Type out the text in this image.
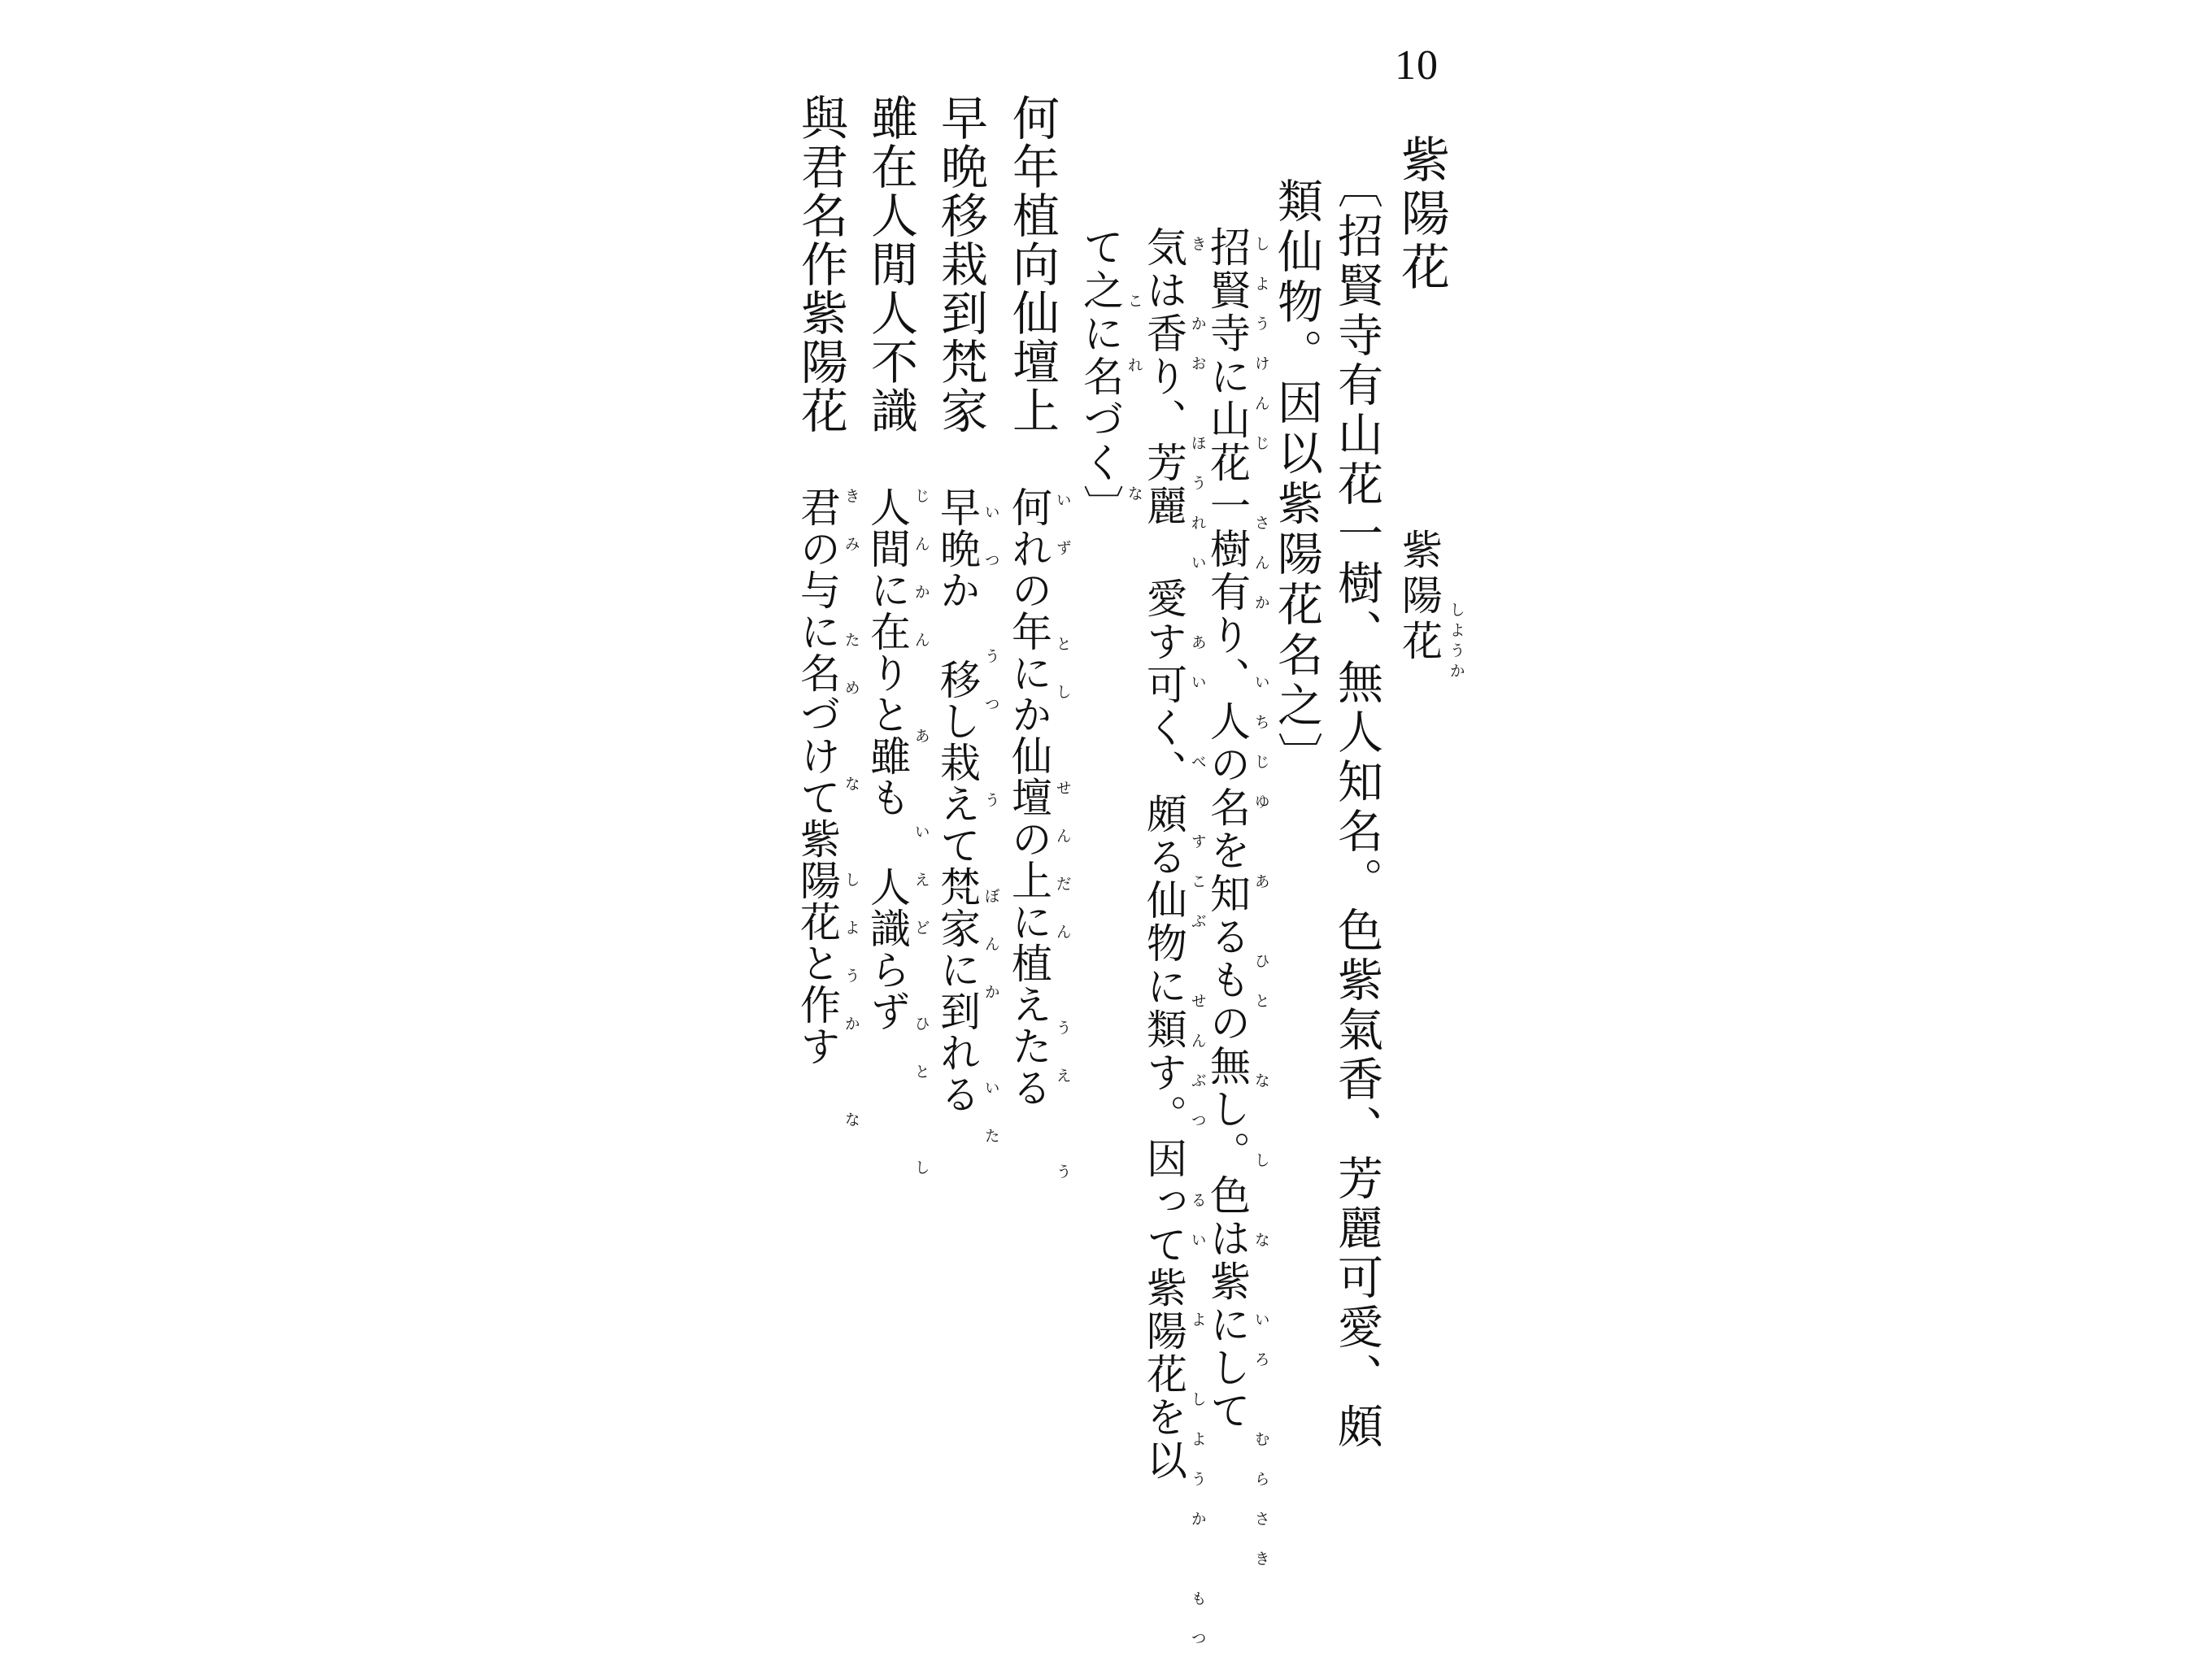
10
紫陽花
紫陽花 しようか
〔招賢寺有山花一樹、無人知名。色紫氣香、芳麗可愛、頗
類仙物。因以紫陽花名之〕
招賢寺に山花一樹有り、人の名を知るもの無し。色は紫にして しようけんじ　さんか　いちじゆ　あ　ひと　な　し　な　いろ　むらさき
気は香り、芳麗 愛す可く、頗る仙物に類す。因って紫陽花を以 き　かお　ほうれい　あい　べ　すこぶ　せんぶつ　るい　よ　しようか　もつ
て之に名づく〕 これ　な
何年植向仙壇上
早晩移栽到梵家
雖在人閒人不識
與君名作紫陽花
何れの年にか仙壇の上に植えたる いず　とし　せんだん　うえ　う
早晩か 移し栽えて梵家に到れる いつ　うつ　う　ぼんか　いた
人間に在りと雖も 人識らず じんかん　あ　いえど　ひと　し
君の与に名づけて紫陽花と作す きみ　ため　な　しようか　な
